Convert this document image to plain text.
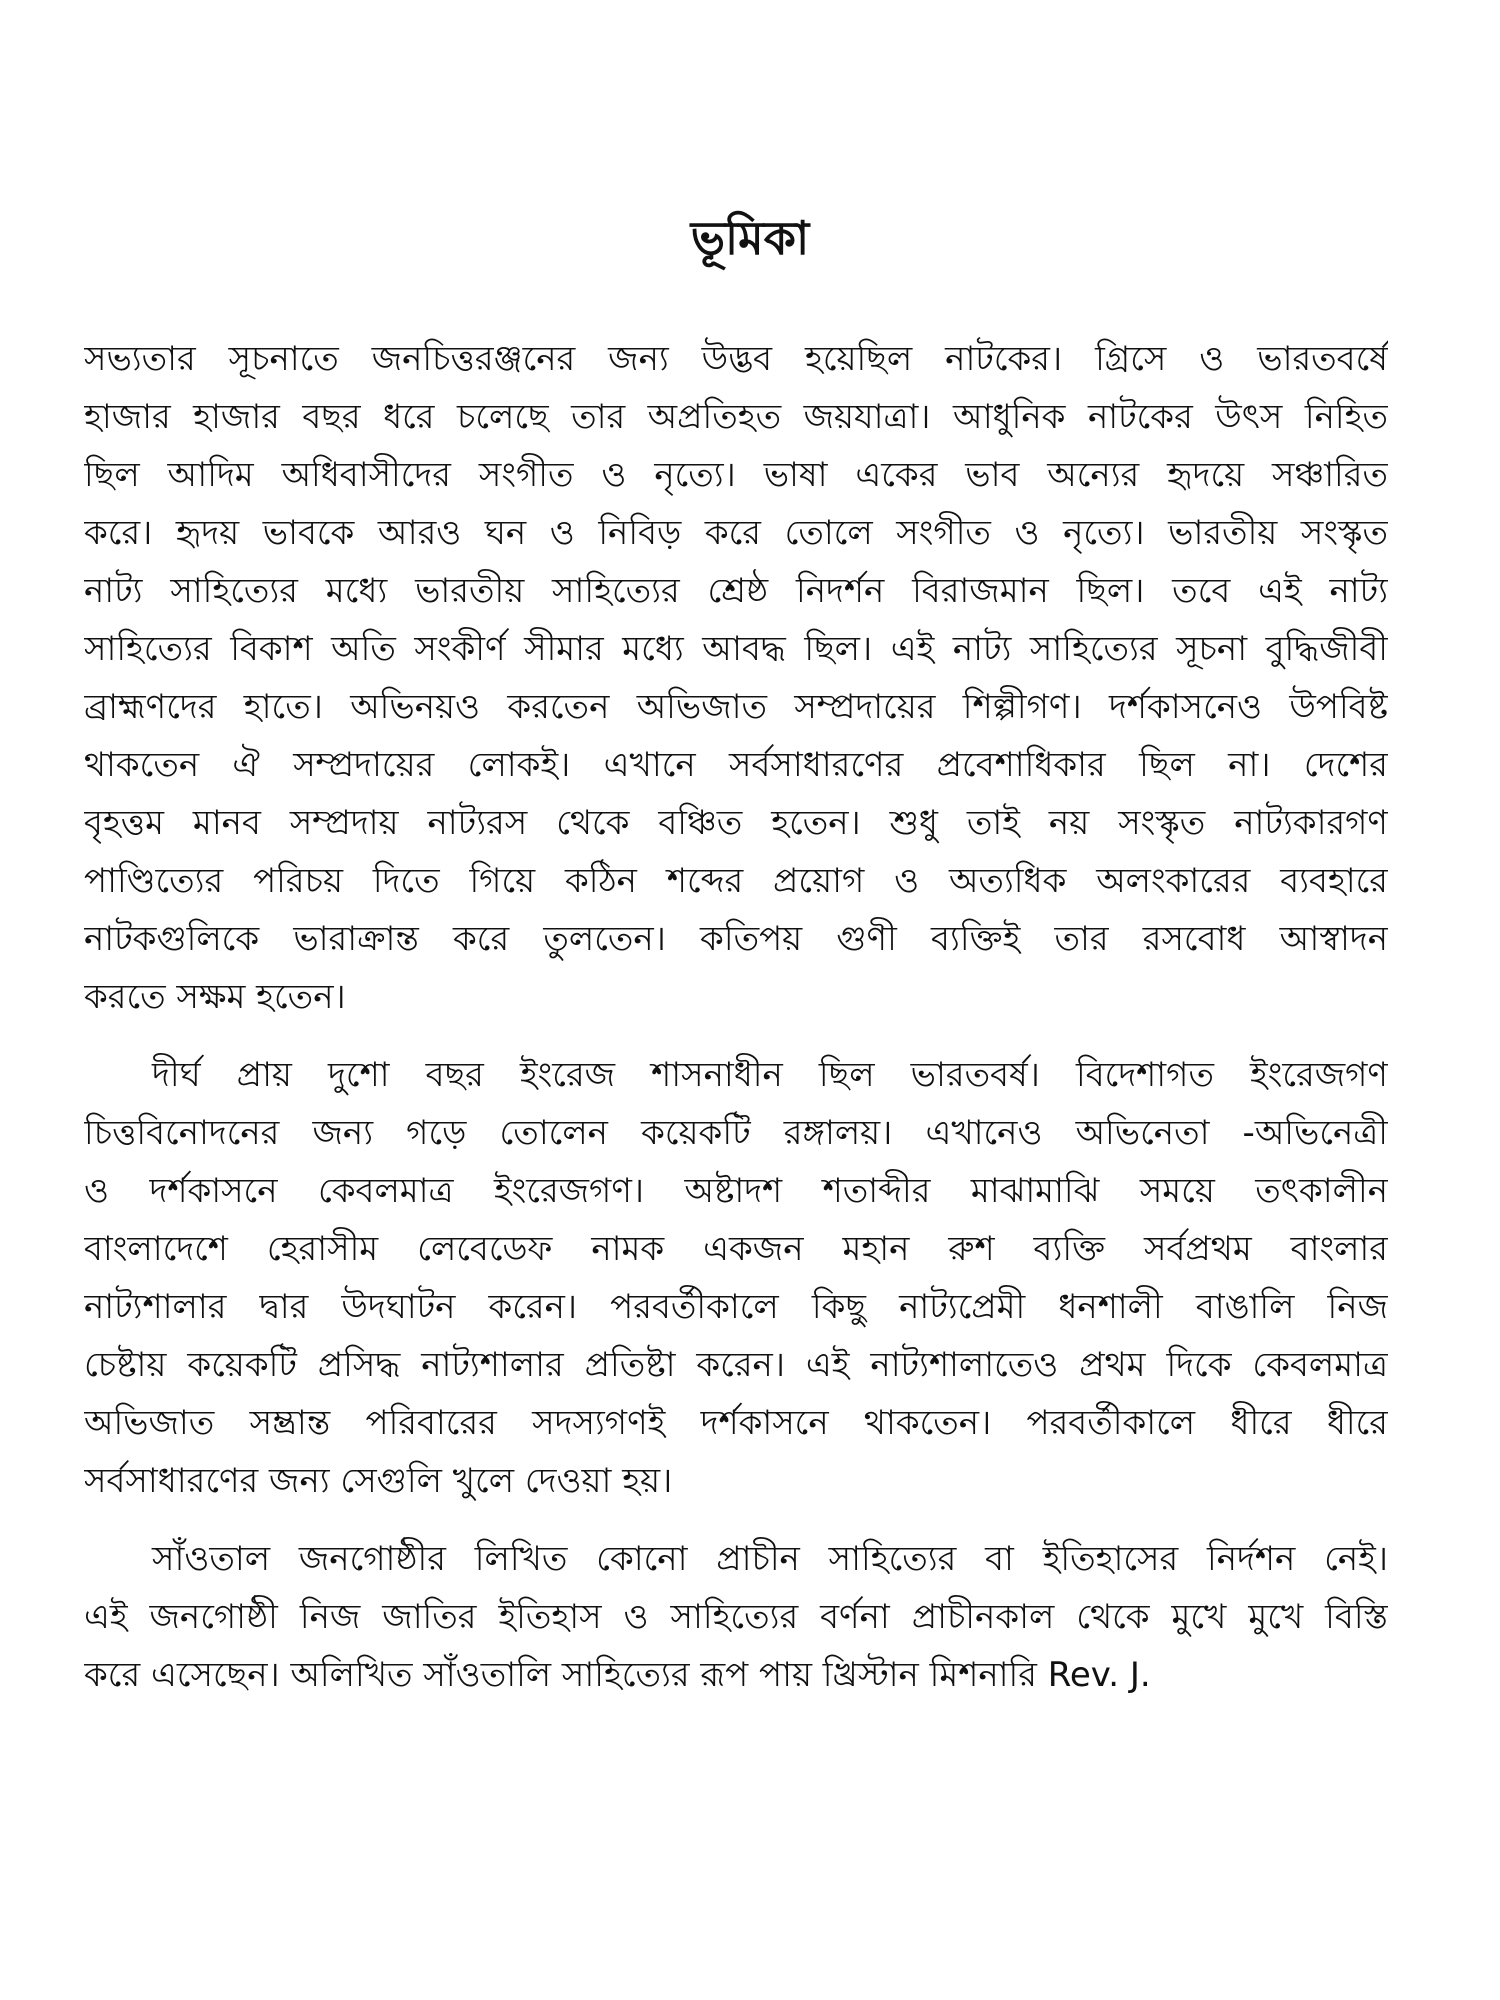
ভূমিকা
সভ্যতার সূচনাতে জনচিত্তরঞ্জনের জন্য উদ্ভব হয়েছিল নাটকের। গ্রিসে ও ভারতবর্ষে
হাজার হাজার বছর ধরে চলেছে তার অপ্রতিহত জয়যাত্রা। আধুনিক নাটকের উৎস নিহিত
ছিল আদিম অধিবাসীদের সংগীত ও নৃত্যে। ভাষা একের ভাব অন্যের হৃদয়ে সঞ্চারিত
করে। হৃদয় ভাবকে আরও ঘন ও নিবিড় করে তোলে সংগীত ও নৃত্যে। ভারতীয় সংস্কৃত
নাট্য সাহিত্যের মধ্যে ভারতীয় সাহিত্যের শ্রেষ্ঠ নিদর্শন বিরাজমান ছিল। তবে এই নাট্য
সাহিত্যের বিকাশ অতি সংকীর্ণ সীমার মধ্যে আবদ্ধ ছিল। এই নাট্য সাহিত্যের সূচনা বুদ্ধিজীবী
ব্রাহ্মণদের হাতে। অভিনয়ও করতেন অভিজাত সম্প্রদায়ের শিল্পীগণ। দর্শকাসনেও উপবিষ্ট
থাকতেন ঐ সম্প্রদায়ের লোকই। এখানে সর্বসাধারণের প্রবেশাধিকার ছিল না। দেশের
বৃহত্তম মানব সম্প্রদায় নাট্যরস থেকে বঞ্চিত হতেন। শুধু তাই নয় সংস্কৃত নাট্যকারগণ
পাণ্ডিত্যের পরিচয় দিতে গিয়ে কঠিন শব্দের প্রয়োগ ও অত্যধিক অলংকারের ব্যবহারে
নাটকগুলিকে ভারাক্রান্ত করে তুলতেন। কতিপয় গুণী ব্যক্তিই তার রসবোধ আস্বাদন
করতে সক্ষম হতেন।
দীর্ঘ প্রায় দুশো বছর ইংরেজ শাসনাধীন ছিল ভারতবর্ষ। বিদেশাগত ইংরেজগণ
চিত্তবিনোদনের জন্য গড়ে তোলেন কয়েকটি রঙ্গালয়। এখানেও অভিনেতা -অভিনেত্রী
ও দর্শকাসনে কেবলমাত্র ইংরেজগণ। অষ্টাদশ শতাব্দীর মাঝামাঝি সময়ে তৎকালীন
বাংলাদেশে হেরাসীম লেবেডেফ নামক একজন মহান রুশ ব্যক্তি সর্বপ্রথম বাংলার
নাট্যশালার দ্বার উদঘাটন করেন। পরবর্তীকালে কিছু নাট্যপ্রেমী ধনশালী বাঙালি নিজ
চেষ্টায় কয়েকটি প্রসিদ্ধ নাট্যশালার প্রতিষ্টা করেন। এই নাট্যশালাতেও প্রথম দিকে কেবলমাত্র
অভিজাত সম্ভ্রান্ত পরিবারের সদস্যগণই দর্শকাসনে থাকতেন। পরবর্তীকালে ধীরে ধীরে
সর্বসাধারণের জন্য সেগুলি খুলে দেওয়া হয়।
সাঁওতাল জনগোষ্ঠীর লিখিত কোনো প্রাচীন সাহিত্যের বা ইতিহাসের নির্দশন নেই।
এই জনগোষ্ঠী নিজ জাতির ইতিহাস ও সাহিত্যের বর্ণনা প্রাচীনকাল থেকে মুখে মুখে বিস্তি
করে এসেছেন। অলিখিত সাঁওতালি সাহিত্যের রূপ পায় খ্রিস্টান মিশনারি Rev. J.
